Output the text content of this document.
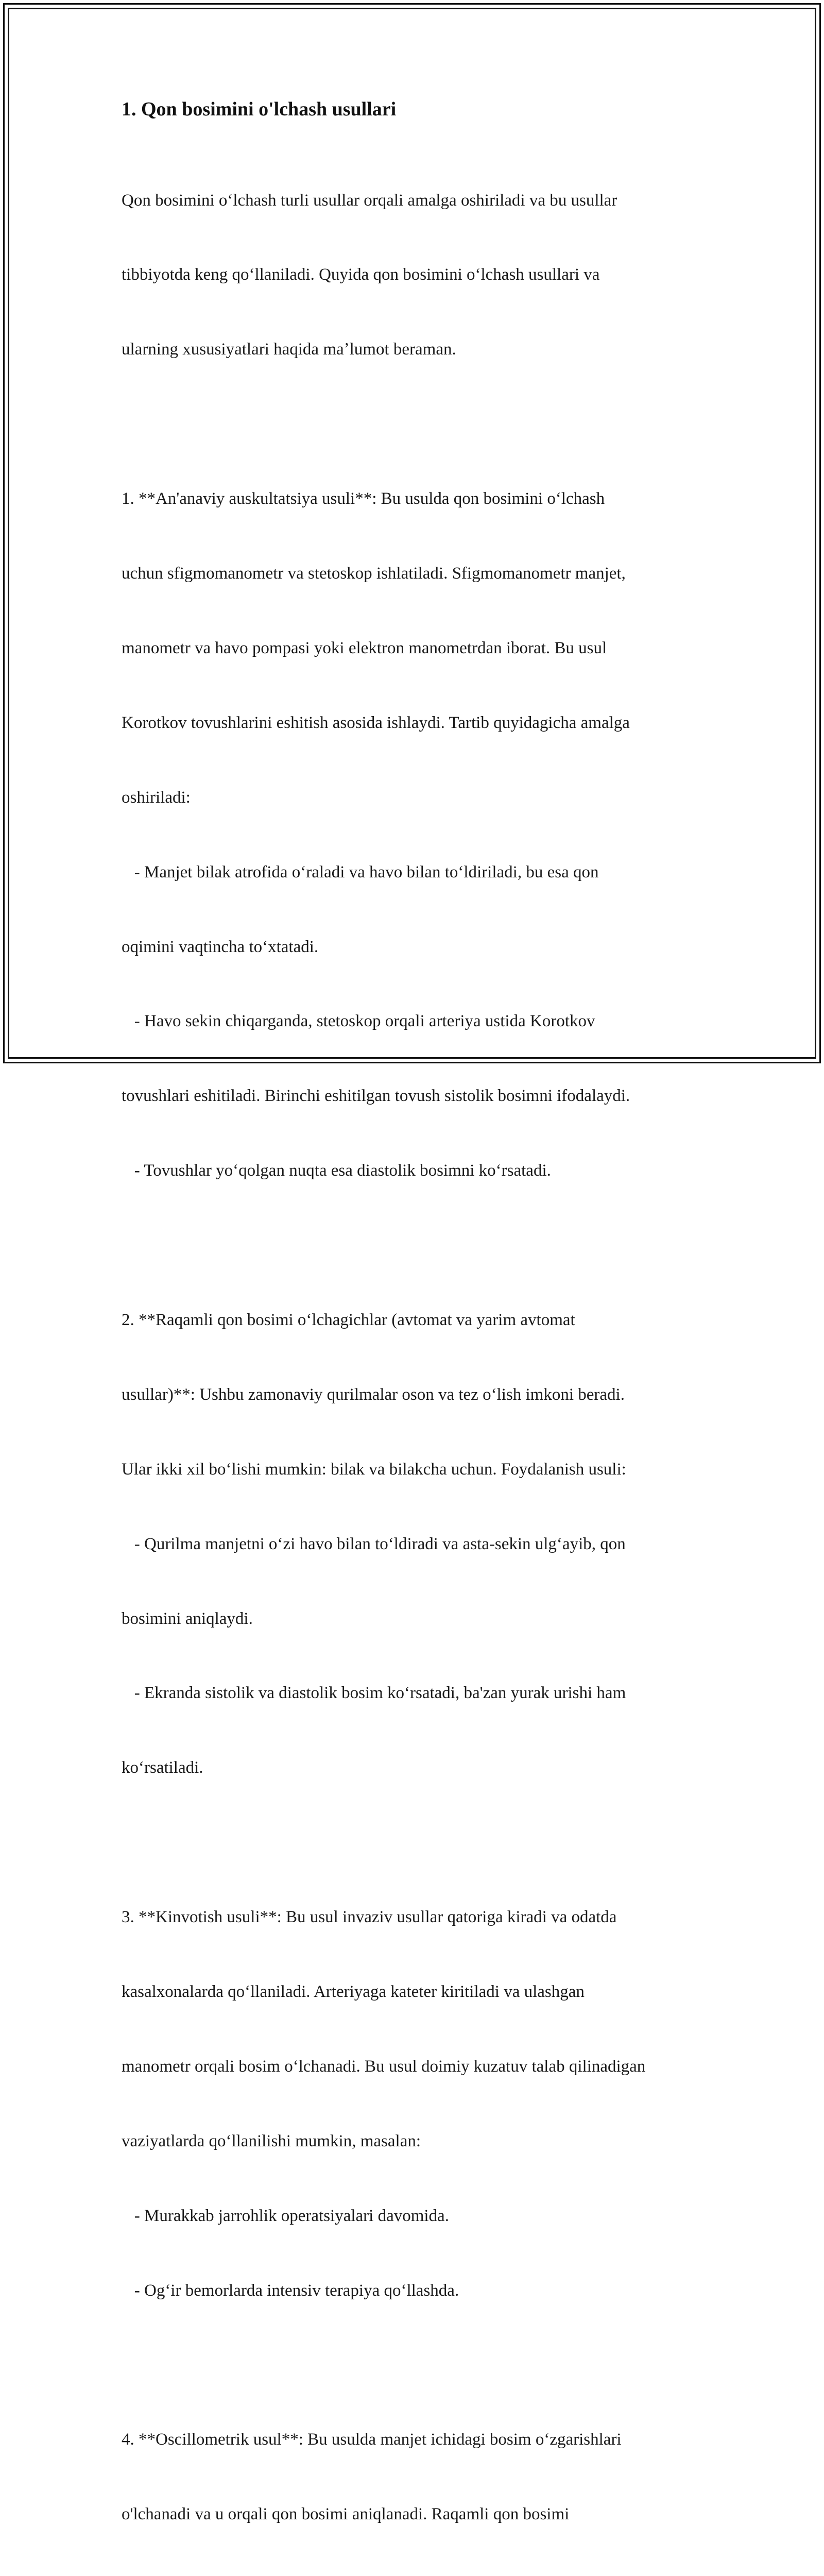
1. Qon bosimini o'lchash usullari

Qon bosimini oʻlchash turli usullar orqali amalga oshiriladi va bu usullar

tibbiyotda keng qoʻllaniladi. Quyida qon bosimini oʻlchash usullari va

ularning xususiyatlari haqida maʼlumot beraman.

1. **An'anaviy auskultatsiya usuli**: Bu usulda qon bosimini oʻlchash

uchun sfigmomanometr va stetoskop ishlatiladi. Sfigmomanometr manjet,

manometr va havo pompasi yoki elektron manometrdan iborat. Bu usul

Korotkov tovushlarini eshitish asosida ishlaydi. Tartib quyidagicha amalga

oshiriladi:

- Manjet bilak atrofida oʻraladi va havo bilan toʻldiriladi, bu esa qon

oqimini vaqtincha toʻxtatadi.

- Havo sekin chiqarganda, stetoskop orqali arteriya ustida Korotkov

tovushlari eshitiladi. Birinchi eshitilgan tovush sistolik bosimni ifodalaydi.

- Tovushlar yoʻqolgan nuqta esa diastolik bosimni koʻrsatadi.

2. **Raqamli qon bosimi oʻlchagichlar (avtomat va yarim avtomat

usullar)**: Ushbu zamonaviy qurilmalar oson va tez oʻlish imkoni beradi.

Ular ikki xil boʻlishi mumkin: bilak va bilakcha uchun. Foydalanish usuli:

- Qurilma manjetni oʻzi havo bilan toʻldiradi va asta-sekin ulgʻayib, qon

bosimini aniqlaydi.

- Ekranda sistolik va diastolik bosim koʻrsatadi, ba'zan yurak urishi ham

koʻrsatiladi.

3. **Kinvotish usuli**: Bu usul invaziv usullar qatoriga kiradi va odatda

kasalxonalarda qoʻllaniladi. Arteriyaga kateter kiritiladi va ulashgan

manometr orqali bosim oʻlchanadi. Bu usul doimiy kuzatuv talab qilinadigan

vaziyatlarda qoʻllanilishi mumkin, masalan:

- Murakkab jarrohlik operatsiyalari davomida.

- Ogʻir bemorlarda intensiv terapiya qoʻllashda.

4. **Oscillometrik usul**: Bu usulda manjet ichidagi bosim oʻzgarishlari

o'lchanadi va u orqali qon bosimi aniqlanadi. Raqamli qon bosimi
